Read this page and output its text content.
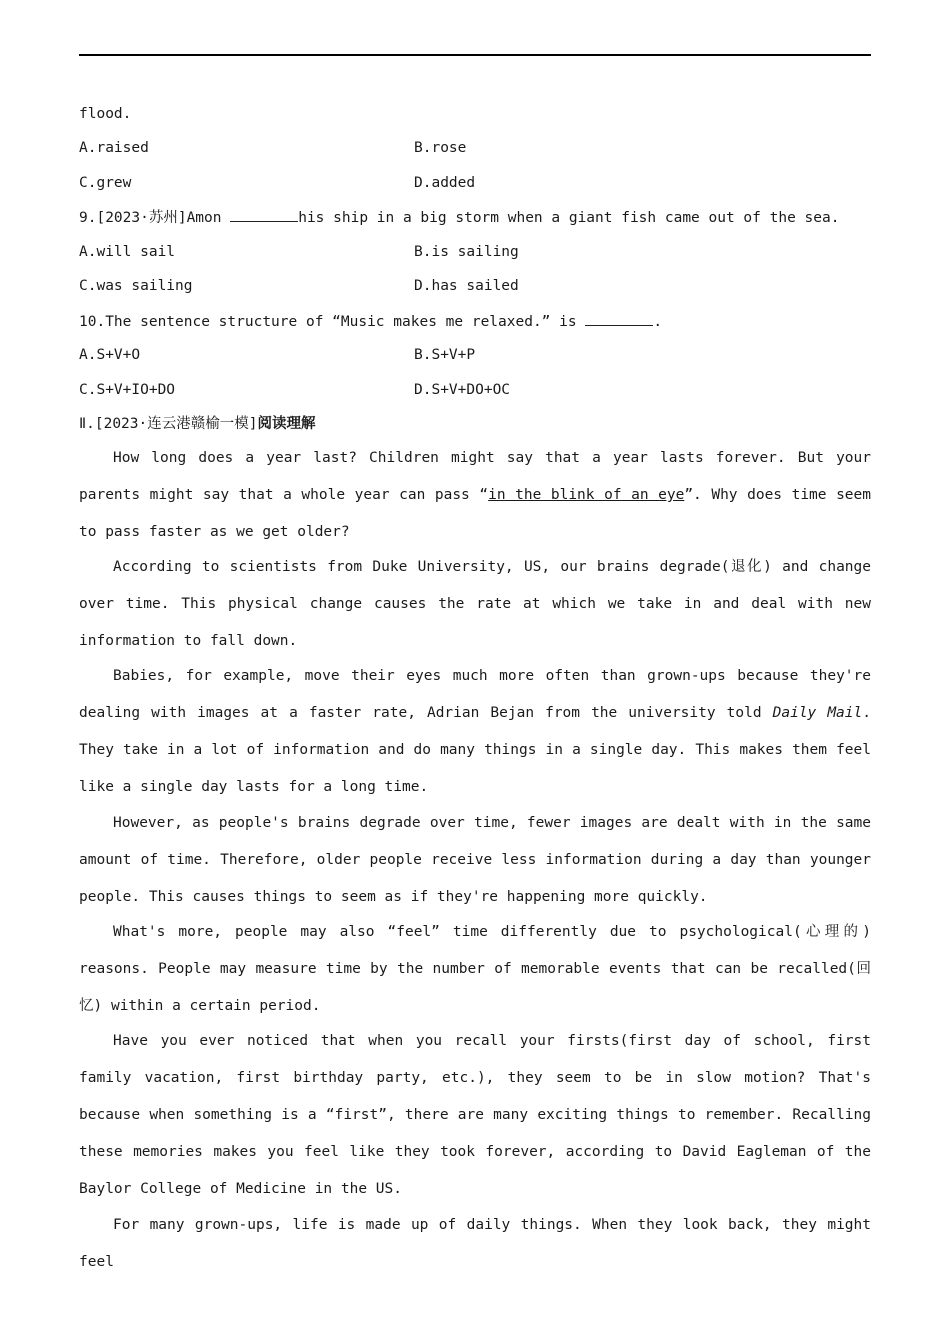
flood.
A.raised	B.rose
C.grew	D.added
9.[2023·苏州]Amon	his ship in a big storm when a giant fish came out of the sea.
A.will sail	B.is sailing
C.was sailing	D.has sailed
10.The sentence structure of “Music makes me relaxed.” is	.
A.S+V+O	B.S+V+P
C.S+V+IO+DO	D.S+V+DO+OC
Ⅱ.[2023·连云港赣榆一模]阅读理解
How long does a year last? Children might say that a year lasts forever. But your parents might say that a whole year can pass “in the blink of an eye”. Why does time seem to pass faster as we get older?
According to scientists from Duke University, US, our brains degrade(退化) and change over time. This physical change causes the rate at which we take in and deal with new information to fall down.
Babies, for example, move their eyes much more often than grown-ups because they're dealing with images at a faster rate, Adrian Bejan from the university told Daily Mail. They take in a lot of information and do many things in a single day. This makes them feel like a single day lasts for a long time.
However, as people's brains degrade over time, fewer images are dealt with in the same amount of time. Therefore, older people receive less information during a day than younger people. This causes things to seem as if they're happening more quickly.
What's more, people may also “feel” time differently due to psychological(心理的) reasons. People may measure time by the number of memorable events that can be recalled(回忆) within a certain period.
Have you ever noticed that when you recall your firsts(first day of school, first family vacation, first birthday party, etc.), they seem to be in slow motion? That's because when something is a “first”, there are many exciting things to remember. Recalling these memories makes you feel like they took forever, according to David Eagleman of the Baylor College of Medicine in the US.
For many grown-ups, life is made up of daily things. When they look back, they might feel
